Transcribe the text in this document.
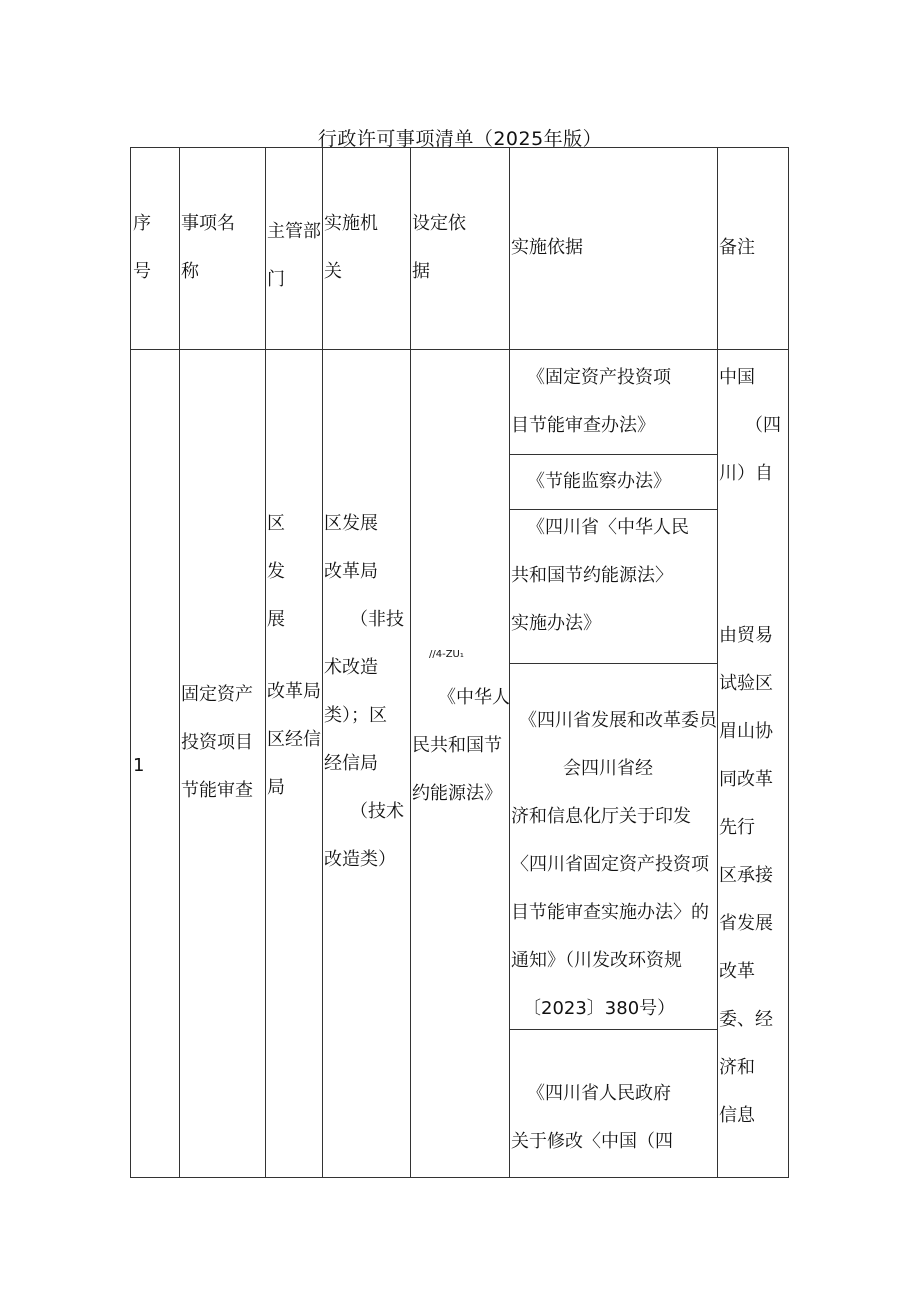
行政许可事项清单（2025年版）
序
号
事项名
称
主管部
门
实施机
关
设定依
据
实施依据	备注
1
固定资产
投资项目
节能审查
区
发
展
改革局
区经信
局
区发展
改革局
（非技
术改造
类）；区
经信局
（技术
改造类）
//4-ZU₁
《中华人
民共和国节
约能源法》
《固定资产投资项
目节能审查办法》
《节能监察办法》
《四川省〈中华人民
共和国节约能源法〉
实施办法》
《四川省发展和改革委员
会四川省经
济和信息化厅关于印发
〈四川省固定资产投资项
目节能审查实施办法〉的
通知》（川发改环资规
〔2023〕380号）
《四川省人民政府
关于修改〈中国（四
中国
（四
川）自
由贸易
试验区
眉山协
同改革
先行
区承接
省发展
改革
委、经
济和
信息
